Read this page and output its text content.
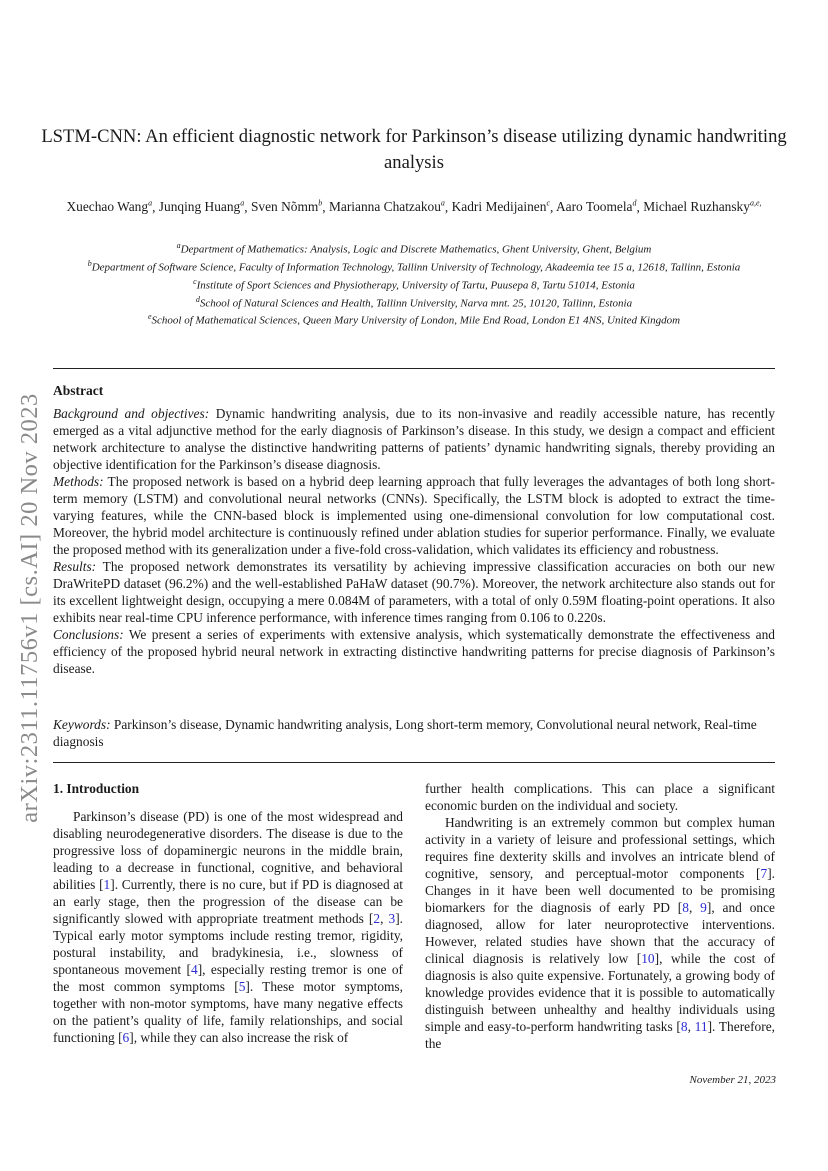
arXiv:2311.11756v1 [cs.AI] 20 Nov 2023
LSTM-CNN: An efficient diagnostic network for Parkinson’s disease utilizing dynamic handwriting analysis
Xuechao Wang$^a$, Junqing Huang$^a$, Sven Nõmm$^b$, Marianna Chatzakou$^a$, Kadri Medijainen$^c$, Aaro Toomela$^d$, Michael Ruzhansky$^{a,e,}$
$^a$Department of Mathematics: Analysis, Logic and Discrete Mathematics, Ghent University, Ghent, Belgium
$^b$Department of Software Science, Faculty of Information Technology, Tallinn University of Technology, Akadeemia tee 15 a, 12618, Tallinn, Estonia
$^c$Institute of Sport Sciences and Physiotherapy, University of Tartu, Puusepa 8, Tartu 51014, Estonia
$^d$School of Natural Sciences and Health, Tallinn University, Narva mnt. 25, 10120, Tallinn, Estonia
$^e$School of Mathematical Sciences, Queen Mary University of London, Mile End Road, London E1 4NS, United Kingdom
Abstract

Background and objectives: Dynamic handwriting analysis, due to its non-invasive and readily accessible nature, has recently emerged as a vital adjunctive method for the early diagnosis of Parkinson’s disease. In this study, we design a compact and efficient network architecture to analyse the distinctive handwriting patterns of patients’ dynamic handwriting signals, thereby providing an objective identification for the Parkinson’s disease diagnosis.

Methods: The proposed network is based on a hybrid deep learning approach that fully leverages the advantages of both long short-term memory (LSTM) and convolutional neural networks (CNNs). Specifically, the LSTM block is adopted to extract the time-varying features, while the CNN-based block is implemented using one-dimensional convolution for low computational cost. Moreover, the hybrid model architecture is continuously refined under ablation studies for superior performance. Finally, we evaluate the proposed method with its generalization under a five-fold cross-validation, which validates its efficiency and robustness.

Results: The proposed network demonstrates its versatility by achieving impressive classification accuracies on both our new DraWritePD dataset (96.2%) and the well-established PaHaW dataset (90.7%). Moreover, the network architecture also stands out for its excellent lightweight design, occupying a mere 0.084M of parameters, with a total of only 0.59M floating-point operations. It also exhibits near real-time CPU inference performance, with inference times ranging from 0.106 to 0.220s.

Conclusions: We present a series of experiments with extensive analysis, which systematically demonstrate the effectiveness and efficiency of the proposed hybrid neural network in extracting distinctive handwriting patterns for precise diagnosis of Parkinson’s disease.

Keywords: Parkinson’s disease, Dynamic handwriting analysis, Long short-term memory, Convolutional neural network, Real-time diagnosis
1. Introduction

Parkinson’s disease (PD) is one of the most widespread and disabling neurodegenerative disorders. The disease is due to the progressive loss of dopaminergic neurons in the middle brain, leading to a decrease in functional, cognitive, and behavioral abilities [1]. Currently, there is no cure, but if PD is diagnosed at an early stage, then the progression of the disease can be significantly slowed with appropriate treatment methods [2, 3]. Typical early motor symptoms include resting tremor, rigidity, postural instability, and bradykinesia, i.e., slowness of spontaneous movement [4], especially resting tremor is one of the most common symptoms [5]. These motor symptoms, together with non-motor symptoms, have many negative effects on the patient’s quality of life, family relationships, and social functioning [6], while they can also increase the risk of

further health complications. This can place a significant economic burden on the individual and society.

Handwriting is an extremely common but complex human activity in a variety of leisure and professional settings, which requires fine dexterity skills and involves an intricate blend of cognitive, sensory, and perceptual-motor components [7]. Changes in it have been well documented to be promising biomarkers for the diagnosis of early PD [8, 9], and once diagnosed, allow for later neuroprotective interventions. However, related studies have shown that the accuracy of clinical diagnosis is relatively low [10], while the cost of diagnosis is also quite expensive. Fortunately, a growing body of knowledge provides evidence that it is possible to automatically distinguish between unhealthy and healthy individuals using simple and easy-to-perform handwriting tasks [8, 11]. Therefore, the

November 21, 2023
